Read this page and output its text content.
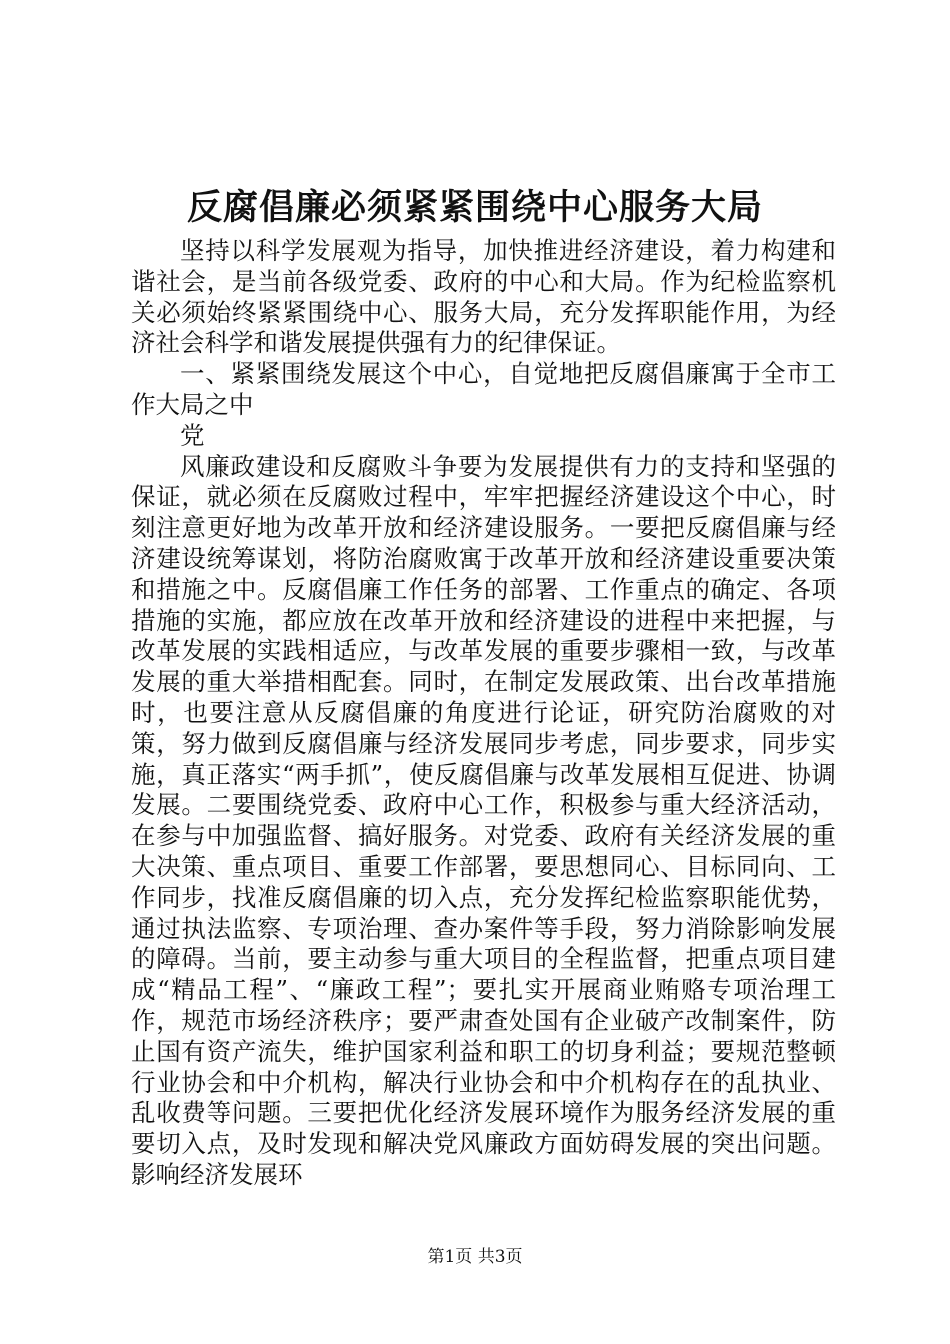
反腐倡廉必须紧紧围绕中心服务大局

坚持以科学发展观为指导，加快推进经济建设，着力构建和谐社会，是当前各级党委、政府的中心和大局。作为纪检监察机关必须始终紧紧围绕中心、服务大局，充分发挥职能作用，为经济社会科学和谐发展提供强有力的纪律保证。

一、紧紧围绕发展这个中心，自觉地把反腐倡廉寓于全市工作大局之中

党

风廉政建设和反腐败斗争要为发展提供有力的支持和坚强的保证，就必须在反腐败过程中，牢牢把握经济建设这个中心，时刻注意更好地为改革开放和经济建设服务。一要把反腐倡廉与经济建设统筹谋划，将防治腐败寓于改革开放和经济建设重要决策和措施之中。反腐倡廉工作任务的部署、工作重点的确定、各项措施的实施，都应放在改革开放和经济建设的进程中来把握，与改革发展的实践相适应，与改革发展的重要步骤相一致，与改革发展的重大举措相配套。同时，在制定发展政策、出台改革措施时，也要注意从反腐倡廉的角度进行论证，研究防治腐败的对策，努力做到反腐倡廉与经济发展同步考虑，同步要求，同步实施，真正落实“两手抓”，使反腐倡廉与改革发展相互促进、协调发展。二要围绕党委、政府中心工作，积极参与重大经济活动，在参与中加强监督、搞好服务。对党委、政府有关经济发展的重大决策、重点项目、重要工作部署，要思想同心、目标同向、工作同步，找准反腐倡廉的切入点，充分发挥纪检监察职能优势，通过执法监察、专项治理、查办案件等手段，努力消除影响发展的障碍。当前，要主动参与重大项目的全程监督，把重点项目建成“精品工程”、“廉政工程”；要扎实开展商业贿赂专项治理工作，规范市场经济秩序；要严肃查处国有企业破产改制案件，防止国有资产流失，维护国家利益和职工的切身利益；要规范整顿行业协会和中介机构，解决行业协会和中介机构存在的乱执业、乱收费等问题。三要把优化经济发展环境作为服务经济发展的重要切入点，及时发现和解决党风廉政方面妨碍发展的突出问题。影响经济发展环

第1页 共3页
